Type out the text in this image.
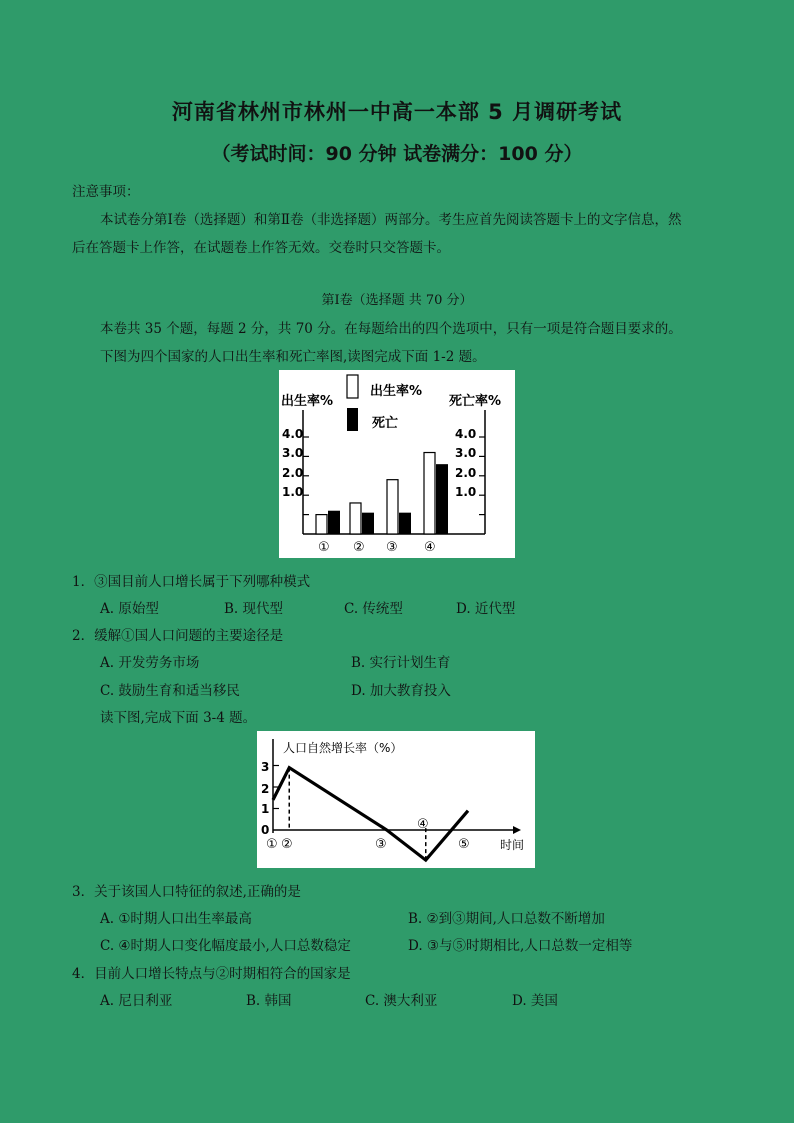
河南省林州市林州一中高一本部 5 月调研考试
（考试时间：90 分钟 试卷满分：100 分）
注意事项：
本试卷分第Ⅰ卷（选择题）和第Ⅱ卷（非选择题）两部分。考生应首先阅读答题卡上的文字信息，然
后在答题卡上作答，在试题卷上作答无效。交卷时只交答题卡。
第Ⅰ卷（选择题 共 70 分）
本卷共 35 个题，每题 2 分，共 70 分。在每题给出的四个选项中，只有一项是符合题目要求的。
下图为四个国家的人口出生率和死亡率图,读图完成下面 1-2 题。
出生率%
死亡
出生率%	死亡率%
1.0
2.0
3.0
4.0
1.0
2.0
3.0
4.0
① ② ③ ④
1．③国目前人口增长属于下列哪种模式
A. 原始型	B. 现代型	C. 传统型	D. 近代型
2．缓解①国人口问题的主要途径是
A. 开发劳务市场	B. 实行计划生育
C. 鼓励生育和适当移民	D. 加大教育投入
读下图,完成下面 3-4 题。
人口自然增长率（%）
3
2
1
0
① ②	③
④
⑤	时间
3．关于该国人口特征的叙述,正确的是
A. ①时期人口出生率最高	B. ②到③期间,人口总数不断增加
C. ④时期人口变化幅度最小,人口总数稳定	D. ③与⑤时期相比,人口总数一定相等
4．目前人口增长特点与②时期相符合的国家是
A. 尼日利亚	B. 韩国	C. 澳大利亚	D. 美国
